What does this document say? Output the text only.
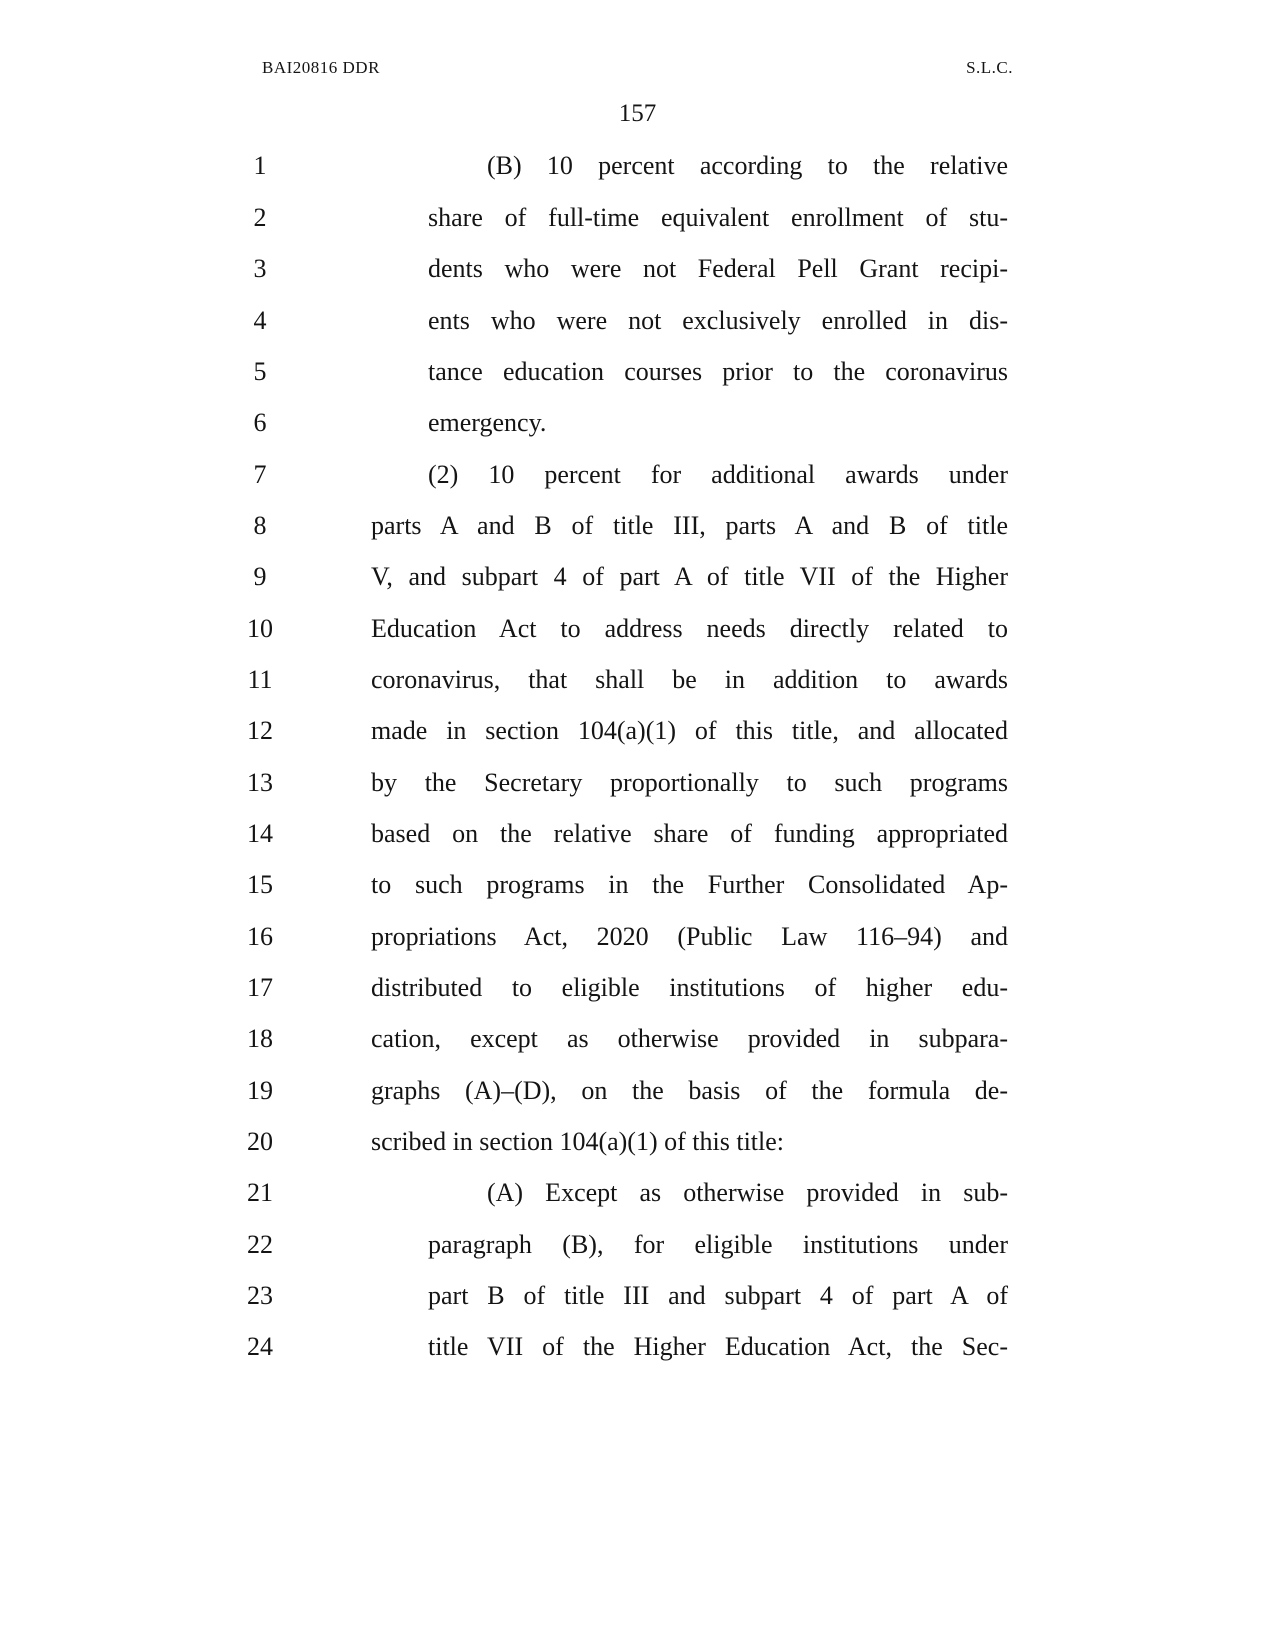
BAI20816 DDR	S.L.C.
157
1	(B) 10 percent according to the relative
2	share of full-time equivalent enrollment of stu-
3	dents who were not Federal Pell Grant recipi-
4	ents who were not exclusively enrolled in dis-
5	tance education courses prior to the coronavirus
6	emergency.
7	(2) 10 percent for additional awards under
8	parts A and B of title III, parts A and B of title
9	V, and subpart 4 of part A of title VII of the Higher
10	Education Act to address needs directly related to
11	coronavirus, that shall be in addition to awards
12	made in section 104(a)(1) of this title, and allocated
13	by the Secretary proportionally to such programs
14	based on the relative share of funding appropriated
15	to such programs in the Further Consolidated Ap-
16	propriations Act, 2020 (Public Law 116–94) and
17	distributed to eligible institutions of higher edu-
18	cation, except as otherwise provided in subpara-
19	graphs (A)–(D), on the basis of the formula de-
20	scribed in section 104(a)(1) of this title:
21	(A) Except as otherwise provided in sub-
22	paragraph (B), for eligible institutions under
23	part B of title III and subpart 4 of part A of
24	title VII of the Higher Education Act, the Sec-
